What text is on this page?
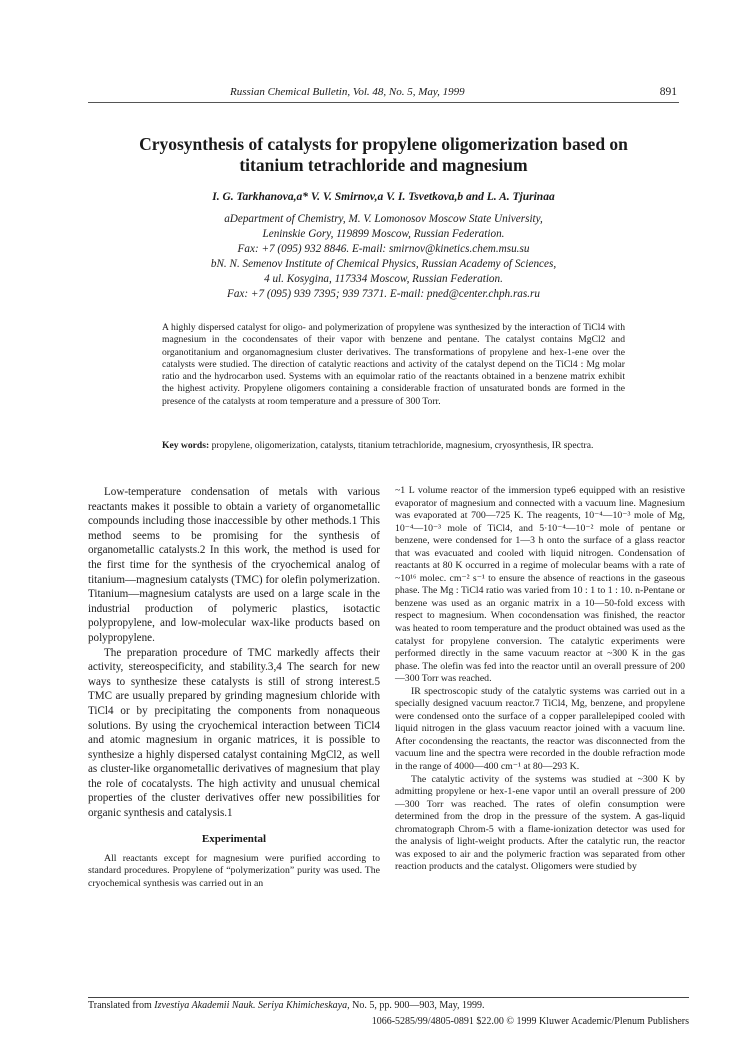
Russian Chemical Bulletin, Vol. 48, No. 5, May, 1999	891
Cryosynthesis of catalysts for propylene oligomerization based on
titanium tetrachloride and magnesium
I. G. Tarkhanova,a* V. V. Smirnov,a V. I. Tsvetkova,b and L. A. Tjurinaa

aDepartment of Chemistry, M. V. Lomonosov Moscow State University,

Leninskie Gory, 119899 Moscow, Russian Federation.

Fax: +7 (095) 932 8846. E-mail: smirnov@kinetics.chem.msu.su

bN. N. Semenov Institute of Chemical Physics, Russian Academy of Sciences,

4 ul. Kosygina, 117334 Moscow, Russian Federation.

Fax: +7 (095) 939 7395; 939 7371. E-mail: pned@center.chph.ras.ru

A highly dispersed catalyst for oligo- and polymerization of propylene was synthesized by the interaction of TiCl4 with magnesium in the cocondensates of their vapor with benzene and pentane. The catalyst contains MgCl2 and organotitanium and organomagnesium cluster derivatives. The transformations of propylene and hex-1-ene over the catalysts were studied. The direction of catalytic reactions and activity of the catalyst depend on the TiCl4 : Mg molar ratio and the hydrocarbon used. Systems with an equimolar ratio of the reactants obtained in a benzene matrix exhibit the highest activity. Propylene oligomers containing a considerable fraction of unsaturated bonds are formed in the presence of the catalysts at room temperature and a pressure of 300 Torr.

Key words: propylene, oligomerization, catalysts, titanium tetrachloride, magnesium, cryosynthesis, IR spectra.

Low-temperature condensation of metals with various reactants makes it possible to obtain a variety of organometallic compounds including those inaccessible by other methods.1 This method seems to be promising for the synthesis of organometallic catalysts.2 In this work, the method is used for the first time for the synthesis of the cryochemical analog of titanium—magnesium catalysts (TMC) for olefin polymerization. Titanium—magnesium catalysts are used on a large scale in the industrial production of polymeric plastics, isotactic polypropylene, and low-molecular wax-like products based on polypropylene.

The preparation procedure of TMC markedly affects their activity, stereospecificity, and stability.3,4 The search for new ways to synthesize these catalysts is still of strong interest.5 TMC are usually prepared by grinding magnesium chloride with TiCl4 or by precipitating the components from nonaqueous solutions. By using the cryochemical interaction between TiCl4 and atomic magnesium in organic matrices, it is possible to synthesize a highly dispersed catalyst containing MgCl2, as well as cluster-like organometallic derivatives of magnesium that play the role of cocatalysts. The high activity and unusual chemical properties of the cluster derivatives offer new possibilities for organic synthesis and catalysis.1

Experimental

All reactants except for magnesium were purified according to standard procedures. Propylene of “polymerization” purity was used. The cryochemical synthesis was carried out in an

~1 L volume reactor of the immersion type6 equipped with an resistive evaporator of magnesium and connected with a vacuum line. Magnesium was evaporated at 700—725 K. The reagents, 10⁻⁴—10⁻³ mole of Mg, 10⁻⁴—10⁻³ mole of TiCl4, and 5·10⁻⁴—10⁻² mole of pentane or benzene, were condensed for 1—3 h onto the surface of a glass reactor that was evacuated and cooled with liquid nitrogen. Condensation of reactants at 80 K occurred in a regime of molecular beams with a rate of ~10¹⁶ molec. cm⁻² s⁻¹ to ensure the absence of reactions in the gaseous phase. The Mg : TiCl4 ratio was varied from 10 : 1 to 1 : 10. n-Pentane or benzene was used as an organic matrix in a 10—50-fold excess with respect to magnesium. When cocondensation was finished, the reactor was heated to room temperature and the product obtained was used as the catalyst for propylene conversion. The catalytic experiments were performed directly in the same vacuum reactor at ~300 K in the gas phase. The olefin was fed into the reactor until an overall pressure of 200—300 Torr was reached.

IR spectroscopic study of the catalytic systems was carried out in a specially designed vacuum reactor.7 TiCl4, Mg, benzene, and propylene were condensed onto the surface of a copper parallelepiped cooled with liquid nitrogen in the glass vacuum reactor joined with a vacuum line. After cocondensing the reactants, the reactor was disconnected from the vacuum line and the spectra were recorded in the double refraction mode in the range of 4000—400 cm⁻¹ at 80—293 K.

The catalytic activity of the systems was studied at ~300 K by admitting propylene or hex-1-ene vapor until an overall pressure of 200—300 Torr was reached. The rates of olefin consumption were determined from the drop in the pressure of the system. A gas-liquid chromatograph Chrom-5 with a flame-ionization detector was used for the analysis of light-weight products. After the catalytic run, the reactor was exposed to air and the polymeric fraction was separated from other reaction products and the catalyst. Oligomers were studied by

Translated from Izvestiya Akademii Nauk. Seriya Khimicheskaya, No. 5, pp. 900—903, May, 1999.
1066-5285/99/4805-0891 $22.00 © 1999 Kluwer Academic/Plenum Publishers
